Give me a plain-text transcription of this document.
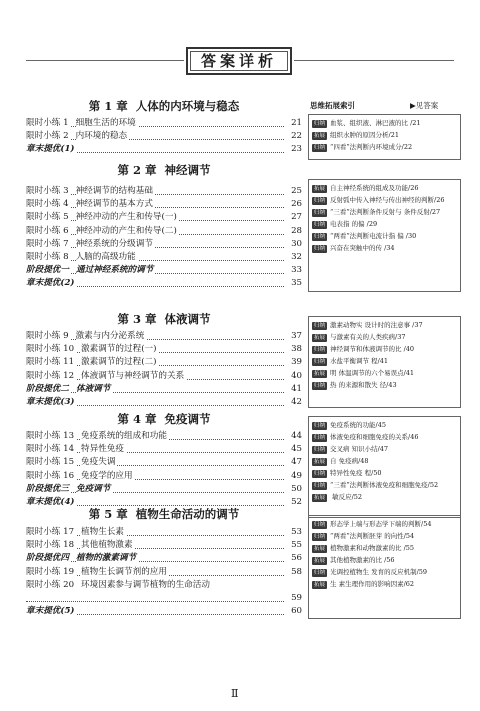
答案详析
思维拓展索引	▶见答案
第 1 章 人体的内环境与稳态
限时小练 1 细胞生活的环境	21
限时小练 2 内环境的稳态	22
章末提优(1)	23
第 2 章 神经调节
限时小练 3 神经调节的结构基础	25
限时小练 4 神经调节的基本方式	26
限时小练 5 神经冲动的产生和传导(一)	27
限时小练 6 神经冲动的产生和传导(二)	28
限时小练 7 神经系统的分级调节	30
限时小练 8 人脑的高级功能	32
阶段提优一 通过神经系统的调节	33
章末提优(2)	35
第 3 章 体液调节
限时小练 9 激素与内分泌系统	37
限时小练 10 激素调节的过程(一)	38
限时小练 11 激素调节的过程(二)	39
限时小练 12 体液调节与神经调节的关系	40
阶段提优二 体液调节	41
章末提优(3)	42
第 4 章 免疫调节
限时小练 13 免疫系统的组成和功能	44
限时小练 14 特异性免疫	45
限时小练 15 免疫失调	47
限时小练 16 免疫学的应用	49
阶段提优三 免疫调节	50
章末提优(4)	52
第 5 章 植物生命活动的调节
限时小练 17 植物生长素	53
限时小练 18 其他植物激素	55
阶段提优四 植物的激素调节	56
限时小练 19 植物生长调节剂的应用	58
限时小练 20 环境因素参与调节植物的生命活动
59
章末提优(5)	60
归纳 血浆、组织液、淋巴液的比 /21
拓展 组织水肿的原因分析/21
归纳 “四看”法判断内环境成分/22
拓展 自主神经系统的组成及功能/26
归纳 反射弧中传入神经与传出神经的判断/26
归纳 “三看”法判断条件反射与 条件反射/27
归纳 电表指 的偏 /29
归纳 “两看”法判断电流计指 偏 /30
归纳 兴奋在突触中的传 /34
归纳 激素动物实 设计时的注意事 /37
拓展 与激素有关的人类疾病/37
归纳 神经调节和体液调节的比 /40
归纳 水盐平衡调节 程/41
拓展 明 体温调节的六个易误点/41
归纳 热 的来源和散失 径/43
归纳 免疫系统的功能/45
归纳 体液免疫和细胞免疫的关系/46
归纳 交叉病 知识小结/47
拓展 自 免疫病/48
归纳 特异性免疫 程/50
归纳 “三看”法判断体液免疫和细胞免疫/52
拓展 敏反应/52
归纳 形态学上端与形态学下端的判断/54
归纳 “两看”法判断胚芽 的向性/54
拓展 植物激素和动物激素的比 /55
拓展 其他植物激素的比 /56
归纳 光调控植物生 发育的反应机制/59
拓展 生 素生理作用的影响因素/62
Ⅱ
